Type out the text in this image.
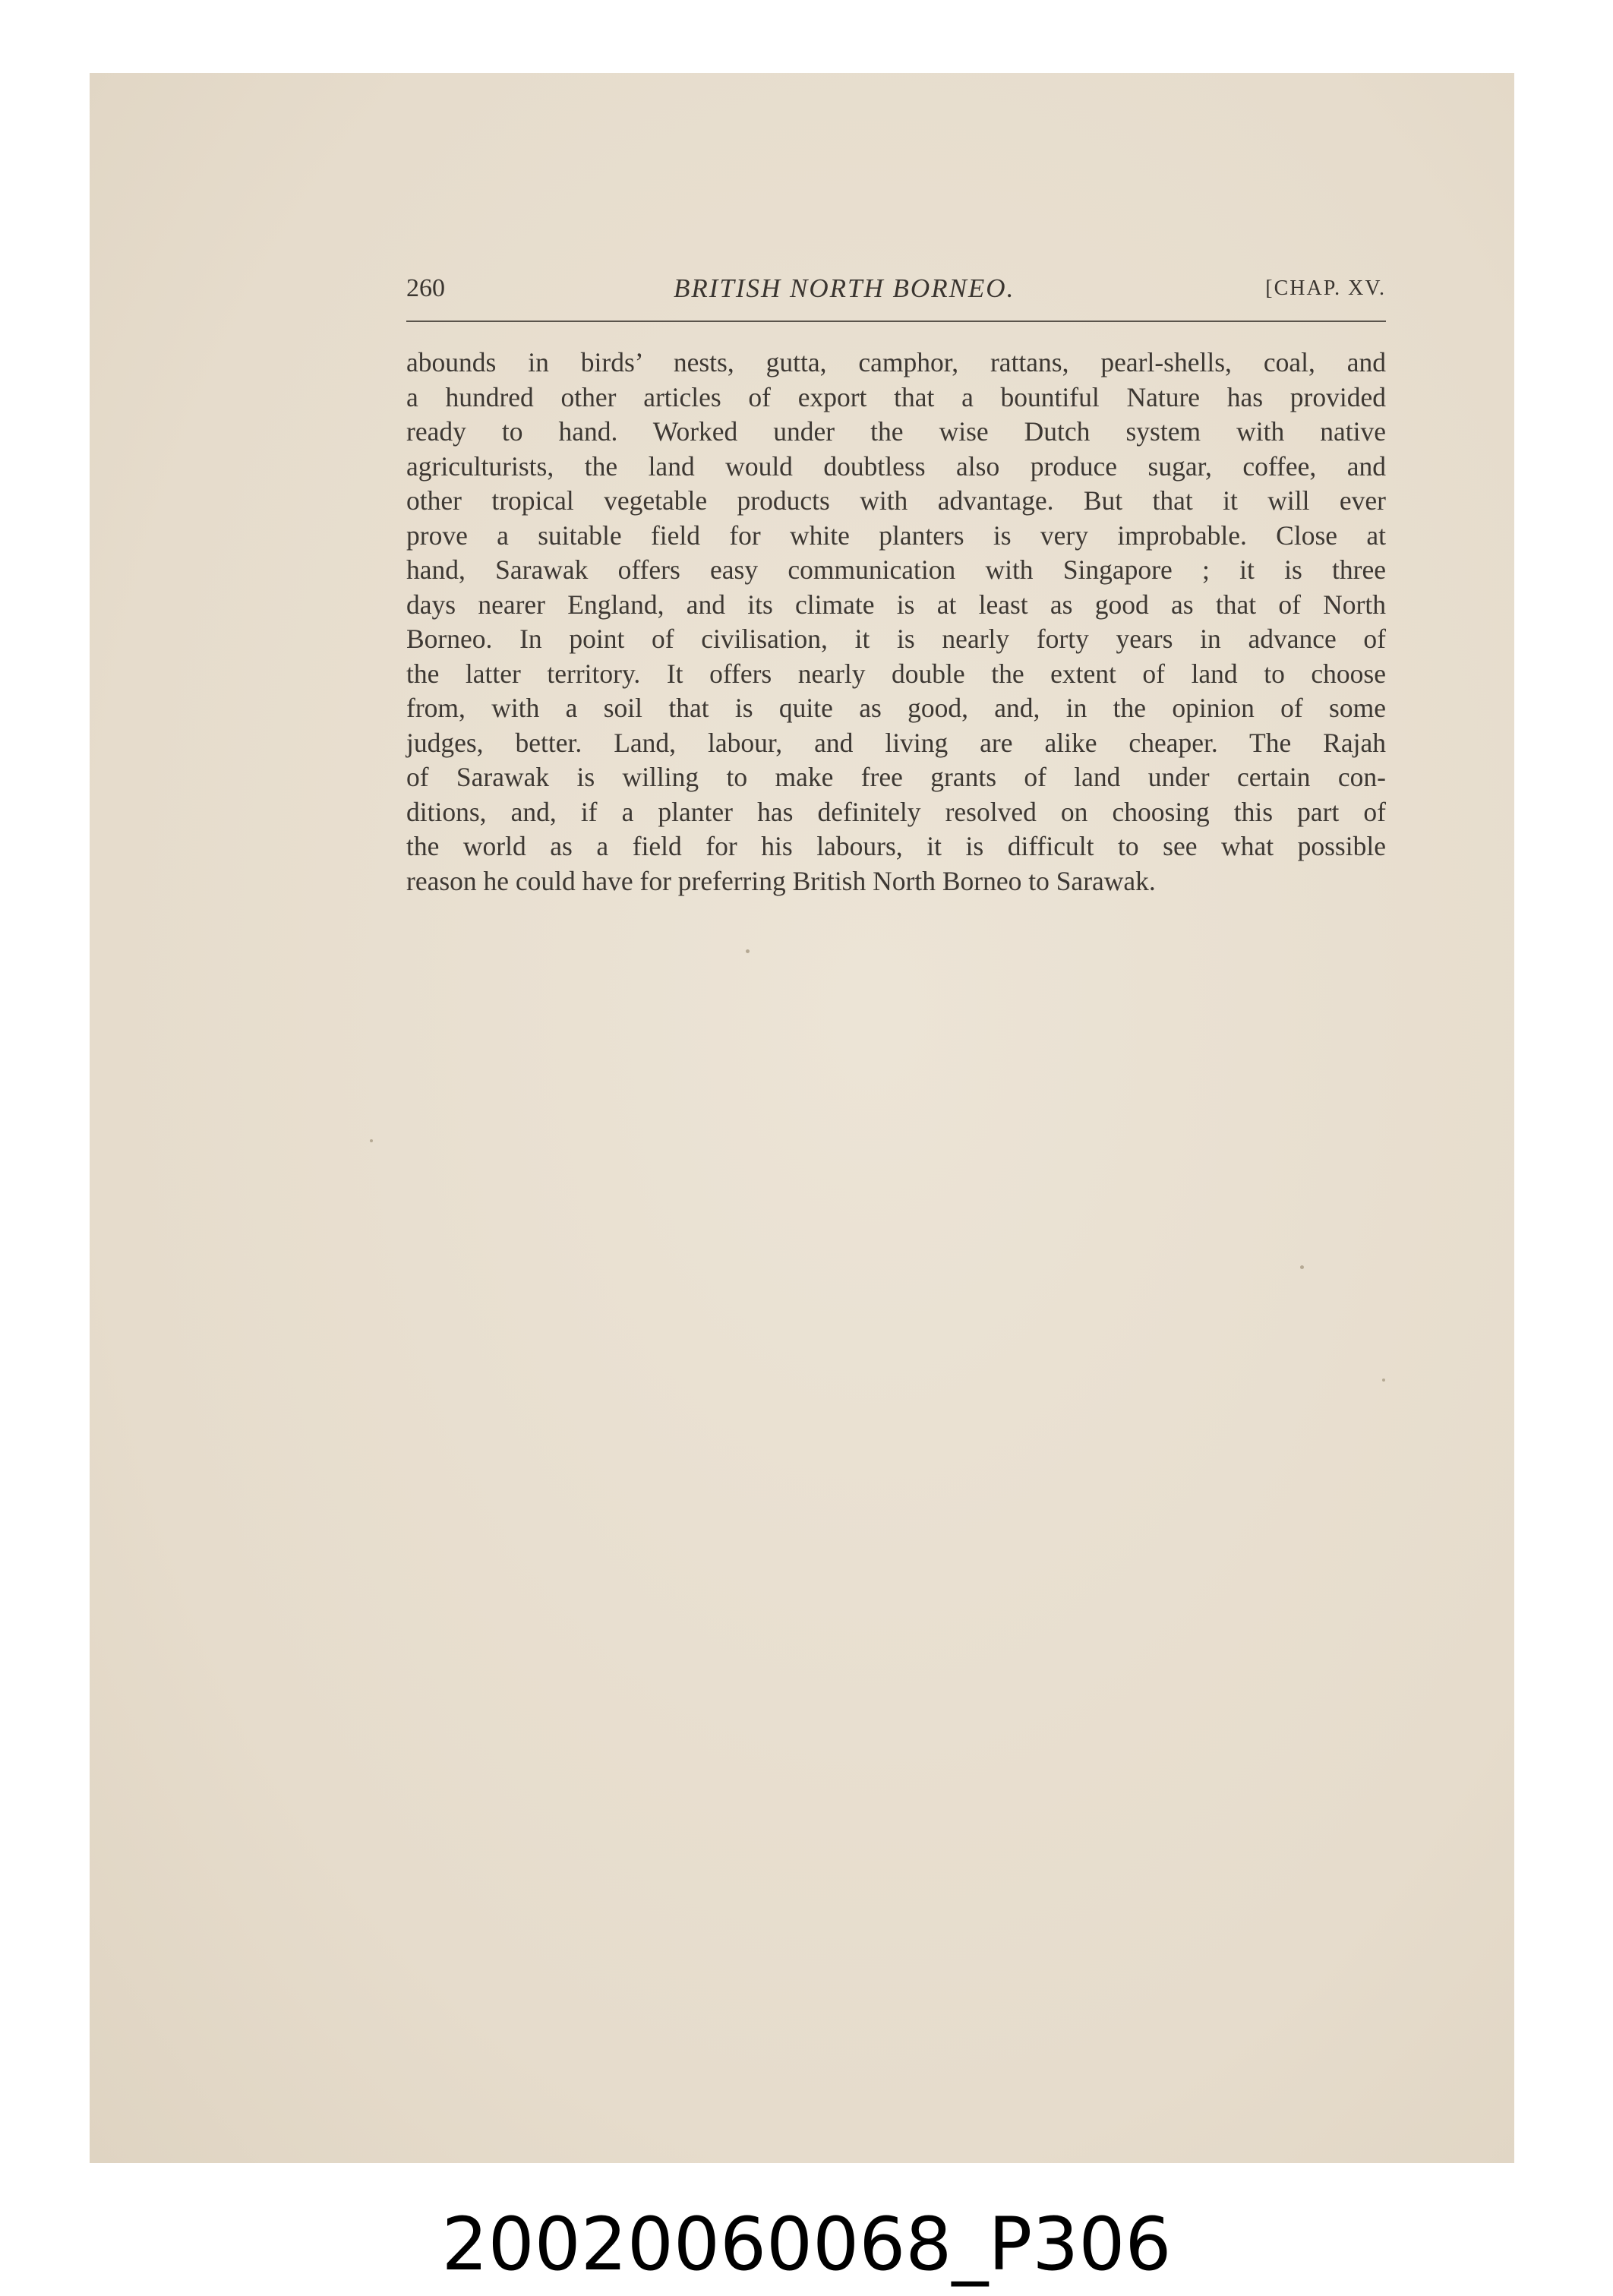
260	BRITISH NORTH BORNEO.	[CHAP. XV.
abounds in birds’ nests, gutta, camphor, rattans, pearl-shells, coal, and
a hundred other articles of export that a bountiful Nature has provided
ready to hand. Worked under the wise Dutch system with native
agriculturists, the land would doubtless also produce sugar, coffee, and
other tropical vegetable products with advantage. But that it will ever
prove a suitable field for white planters is very improbable. Close at
hand, Sarawak offers easy communication with Singapore ; it is three
days nearer England, and its climate is at least as good as that of North
Borneo. In point of civilisation, it is nearly forty years in advance of
the latter territory. It offers nearly double the extent of land to choose
from, with a soil that is quite as good, and, in the opinion of some
judges, better. Land, labour, and living are alike cheaper. The Rajah
of Sarawak is willing to make free grants of land under certain con-
ditions, and, if a planter has definitely resolved on choosing this part of
the world as a field for his labours, it is difficult to see what possible
reason he could have for preferring British North Borneo to Sarawak.
20020060068_P306
